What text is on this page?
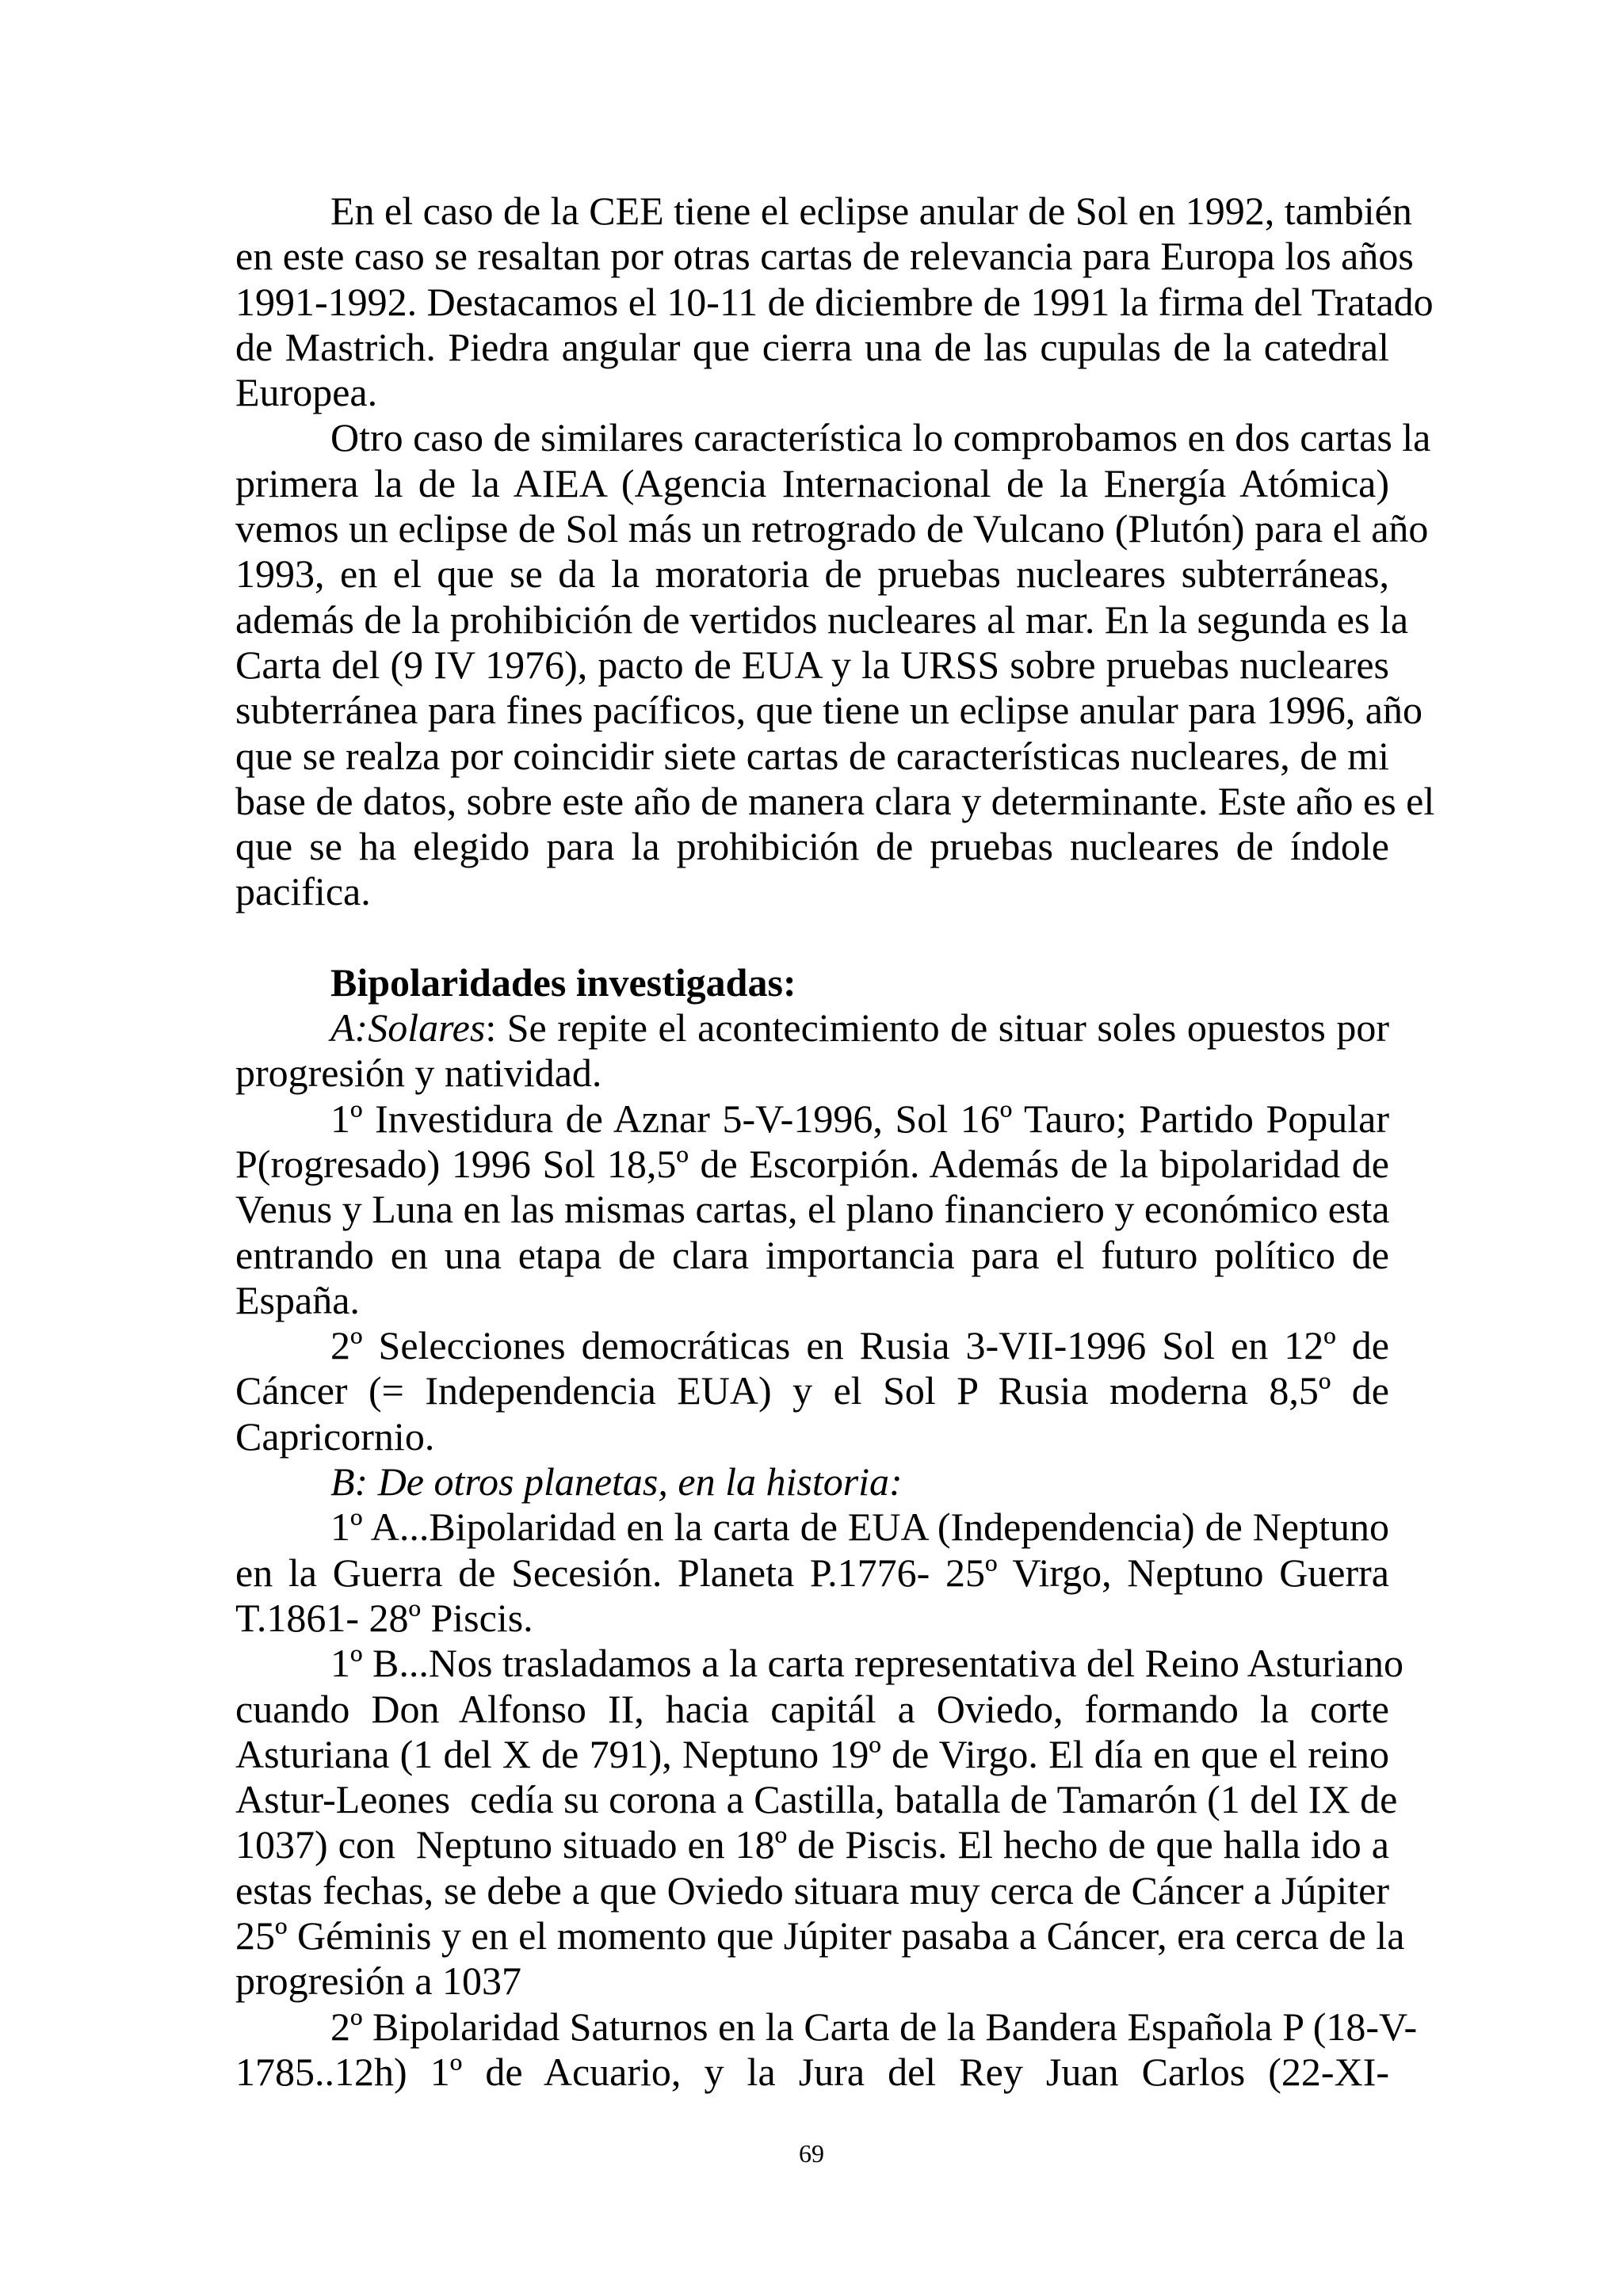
En el caso de la CEE tiene el eclipse anular de Sol en 1992, también
en este caso se resaltan por otras cartas de relevancia para Europa los años
1991-1992. Destacamos el 10-11 de diciembre de 1991 la firma del Tratado
de Mastrich. Piedra angular que cierra una de las cupulas de la catedral
Europea.
Otro caso de similares característica lo comprobamos en dos cartas la
primera la de la AIEA (Agencia Internacional de la Energía Atómica)
vemos un eclipse de Sol más un retrogrado de Vulcano (Plutón) para el año
1993, en el que se da la moratoria de pruebas nucleares subterráneas,
además de la prohibición de vertidos nucleares al mar. En la segunda es la
Carta del (9 IV 1976), pacto de EUA y la URSS sobre pruebas nucleares
subterránea para fines pacíficos, que tiene un eclipse anular para 1996, año
que se realza por coincidir siete cartas de características nucleares, de mi
base de datos, sobre este año de manera clara y determinante. Este año es el
que se ha elegido para la prohibición de pruebas nucleares de índole
pacifica.
Bipolaridades investigadas:
A:Solares: Se repite el acontecimiento de situar soles opuestos por
progresión y natividad.
1º Investidura de Aznar 5-V-1996, Sol 16º Tauro; Partido Popular
P(rogresado) 1996 Sol 18,5º de Escorpión. Además de la bipolaridad de
Venus y Luna en las mismas cartas, el plano financiero y económico esta
entrando en una etapa de clara importancia para el futuro político de
España.
2º Selecciones democráticas en Rusia 3-VII-1996 Sol en 12º de
Cáncer (= Independencia EUA) y el Sol P Rusia moderna 8,5º de
Capricornio.
B: De otros planetas, en la historia:
1º A...Bipolaridad en la carta de EUA (Independencia) de Neptuno
en la Guerra de Secesión. Planeta P.1776- 25º Virgo, Neptuno Guerra
T.1861- 28º Piscis.
1º B...Nos trasladamos a la carta representativa del Reino Asturiano
cuando Don Alfonso II, hacia capitál a Oviedo, formando la corte
Asturiana (1 del X de 791), Neptuno 19º de Virgo. El día en que el reino
Astur-Leones  cedía su corona a Castilla, batalla de Tamarón (1 del IX de
1037) con  Neptuno situado en 18º de Piscis. El hecho de que halla ido a
estas fechas, se debe a que Oviedo situara muy cerca de Cáncer a Júpiter
25º Géminis y en el momento que Júpiter pasaba a Cáncer, era cerca de la
progresión a 1037
2º Bipolaridad Saturnos en la Carta de la Bandera Española P (18-V-
1785..12h) 1º de Acuario, y la Jura del Rey Juan Carlos (22-XI-
69
